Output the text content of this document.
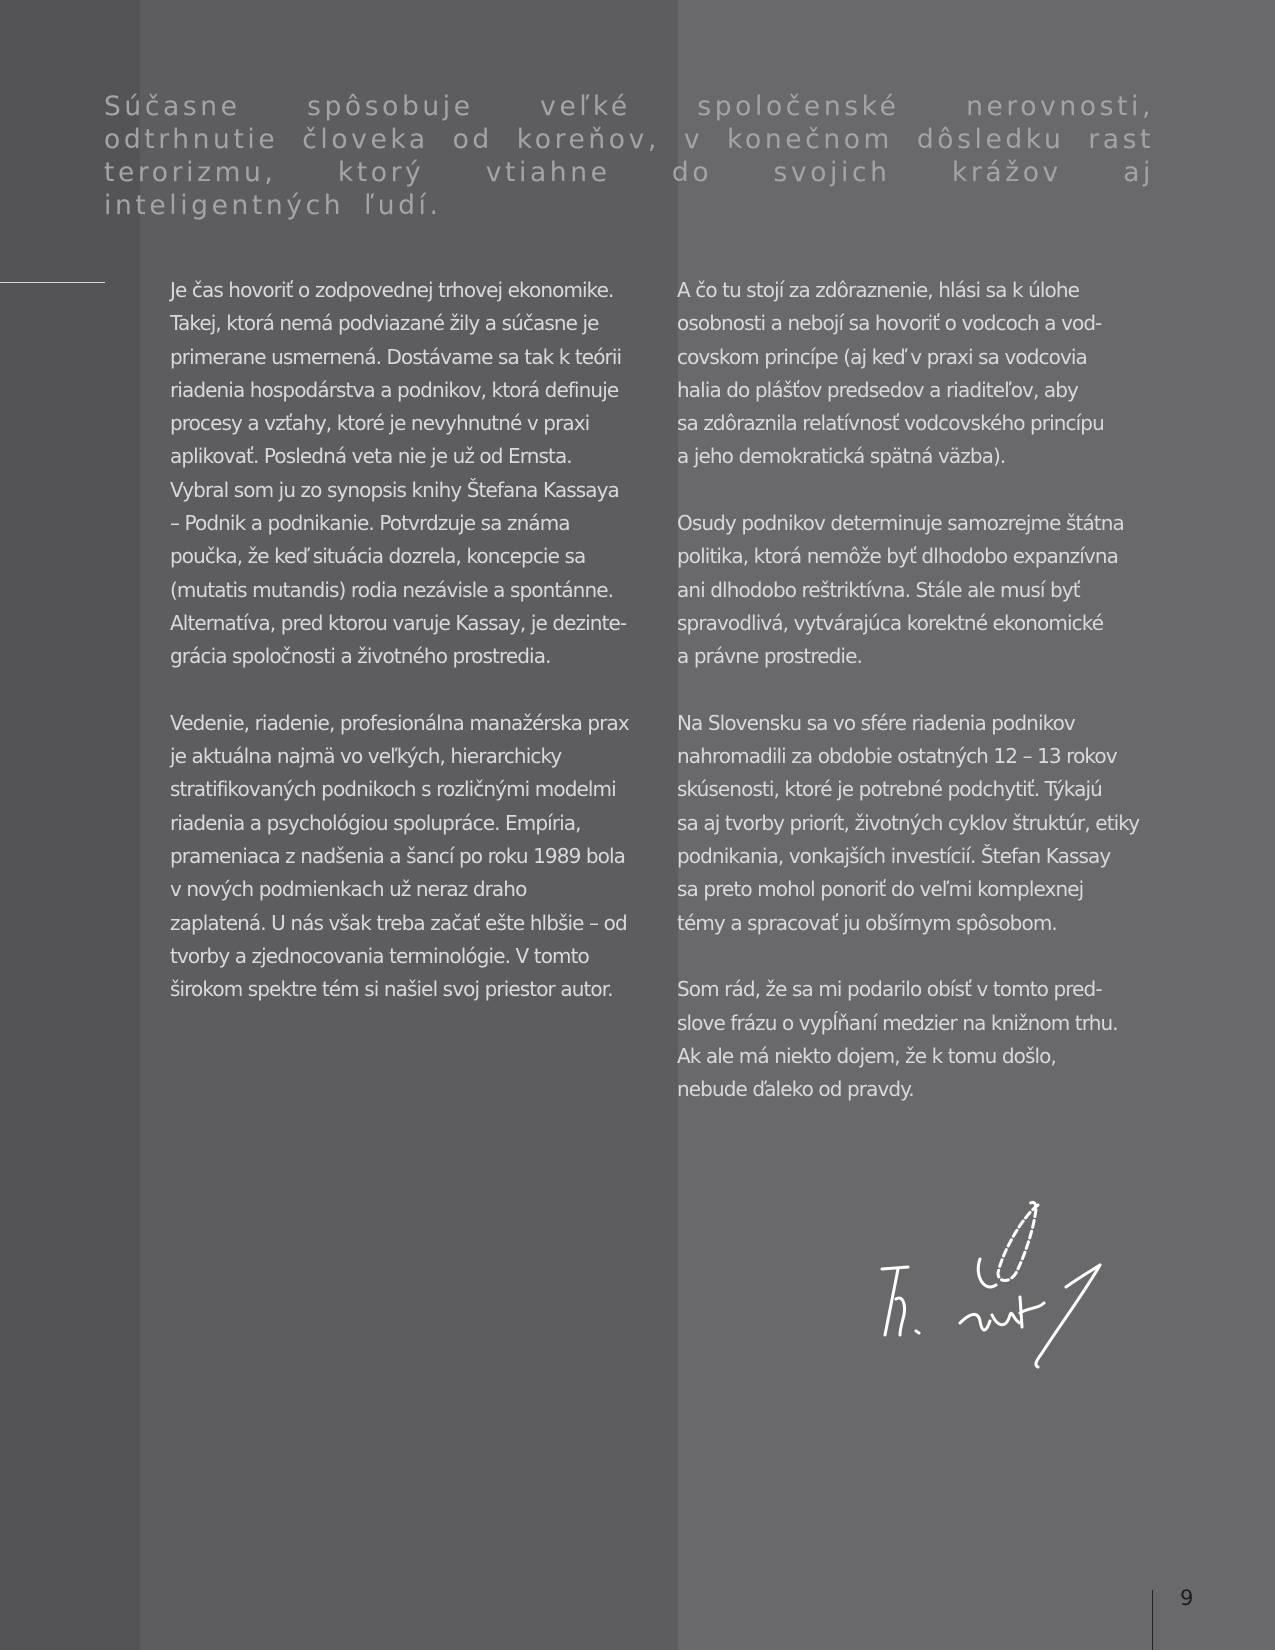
Súčasne spôsobuje veľké spoločenské nerovnosti, odtrhnutie človeka od koreňov, v konečnom dôsledku rast terorizmu, ktorý vtiahne do svojich krážov aj inteligentných ľudí.

Je čas hovoriť o zodpovednej trhovej ekonomike.
Takej, ktorá nemá podviazané žily a súčasne je
primerane usmernená. Dostávame sa tak k teórii
riadenia hospodárstva a podnikov, ktorá definuje
procesy a vzťahy, ktoré je nevyhnutné v praxi
aplikovať. Posledná veta nie je už od Ernsta.
Vybral som ju zo synopsis knihy Štefana Kassaya
– Podnik a podnikanie. Potvrdzuje sa známa
poučka, že keď situácia dozrela, koncepcie sa
(mutatis mutandis) rodia nezávisle a spontánne.
Alternatíva, pred ktorou varuje Kassay, je dezinte-
grácia spoločnosti a životného prostredia.

Vedenie, riadenie, profesionálna manažérska prax
je aktuálna najmä vo veľkých, hierarchicky
stratifikovaných podnikoch s rozličnými modelmi
riadenia a psychológiou spolupráce. Empíria,
prameniaca z nadšenia a šancí po roku 1989 bola
v nových podmienkach už neraz draho
zaplatená. U nás však treba začať ešte hlbšie – od
tvorby a zjednocovania terminológie. V tomto
širokom spektre tém si našiel svoj priestor autor.

A čo tu stojí za zdôraznenie, hlási sa k úlohe
osobnosti a nebojí sa hovoriť o vodcoch a vod-
covskom princípe (aj keď v praxi sa vodcovia
halia do plášťov predsedov a riaditeľov, aby
sa zdôraznila relatívnosť vodcovského princípu
a jeho demokratická spätná väzba).

Osudy podnikov determinuje samozrejme štátna
politika, ktorá nemôže byť dlhodobo expanzívna
ani dlhodobo reštriktívna. Stále ale musí byť
spravodlivá, vytvárajúca korektné ekonomické
a právne prostredie.

Na Slovensku sa vo sfére riadenia podnikov
nahromadili za obdobie ostatných 12 – 13 rokov
skúsenosti, ktoré je potrebné podchytiť. Týkajú
sa aj tvorby priorít, životných cyklov štruktúr, etiky
podnikania, vonkajších investícií. Štefan Kassay
sa preto mohol ponoriť do veľmi komplexnej
témy a spracovať ju obšírnym spôsobom.

Som rád, že sa mi podarilo obísť v tomto pred-
slove frázu o vypĺňaní medzier na knižnom trhu.
Ak ale má niekto dojem, že k tomu došlo,
nebude ďaleko od pravdy.

9
